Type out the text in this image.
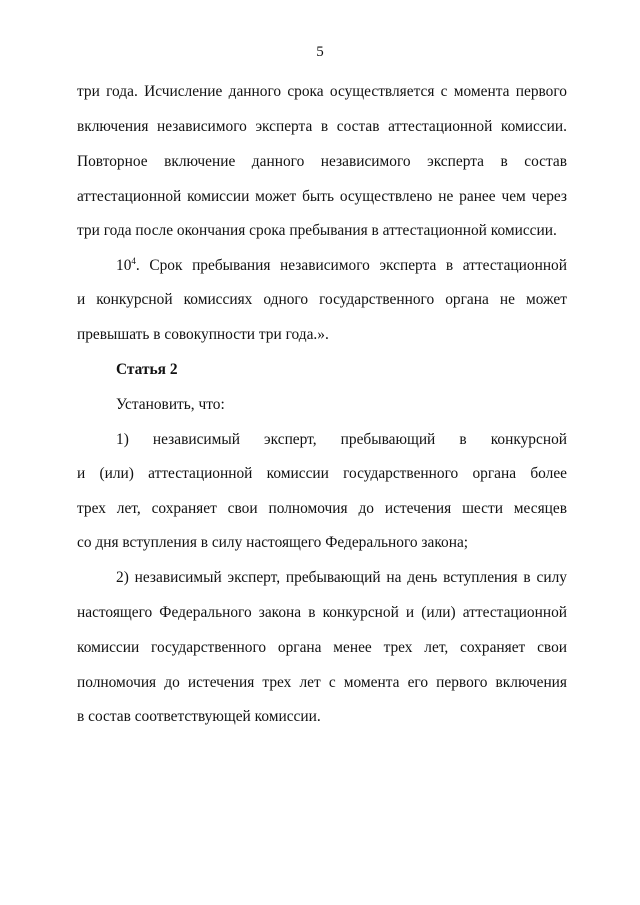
5
три года. Исчисление данного срока осуществляется с момента первого
включения независимого эксперта в состав аттестационной комиссии.
Повторное включение данного независимого эксперта в состав
аттестационной комиссии может быть осуществлено не ранее чем через
три года после окончания срока пребывания в аттестационной комиссии.
$10^4$. Срок пребывания независимого эксперта в аттестационной
и конкурсной комиссиях одного государственного органа не может
превышать в совокупности три года.».
Статья 2
Установить, что:
1) независимый эксперт, пребывающий в конкурсной
и (или) аттестационной комиссии государственного органа более
трех лет, сохраняет свои полномочия до истечения шести месяцев
со дня вступления в силу настоящего Федерального закона;
2) независимый эксперт, пребывающий на день вступления в силу
настоящего Федерального закона в конкурсной и (или) аттестационной
комиссии государственного органа менее трех лет, сохраняет свои
полномочия до истечения трех лет с момента его первого включения
в состав соответствующей комиссии.
